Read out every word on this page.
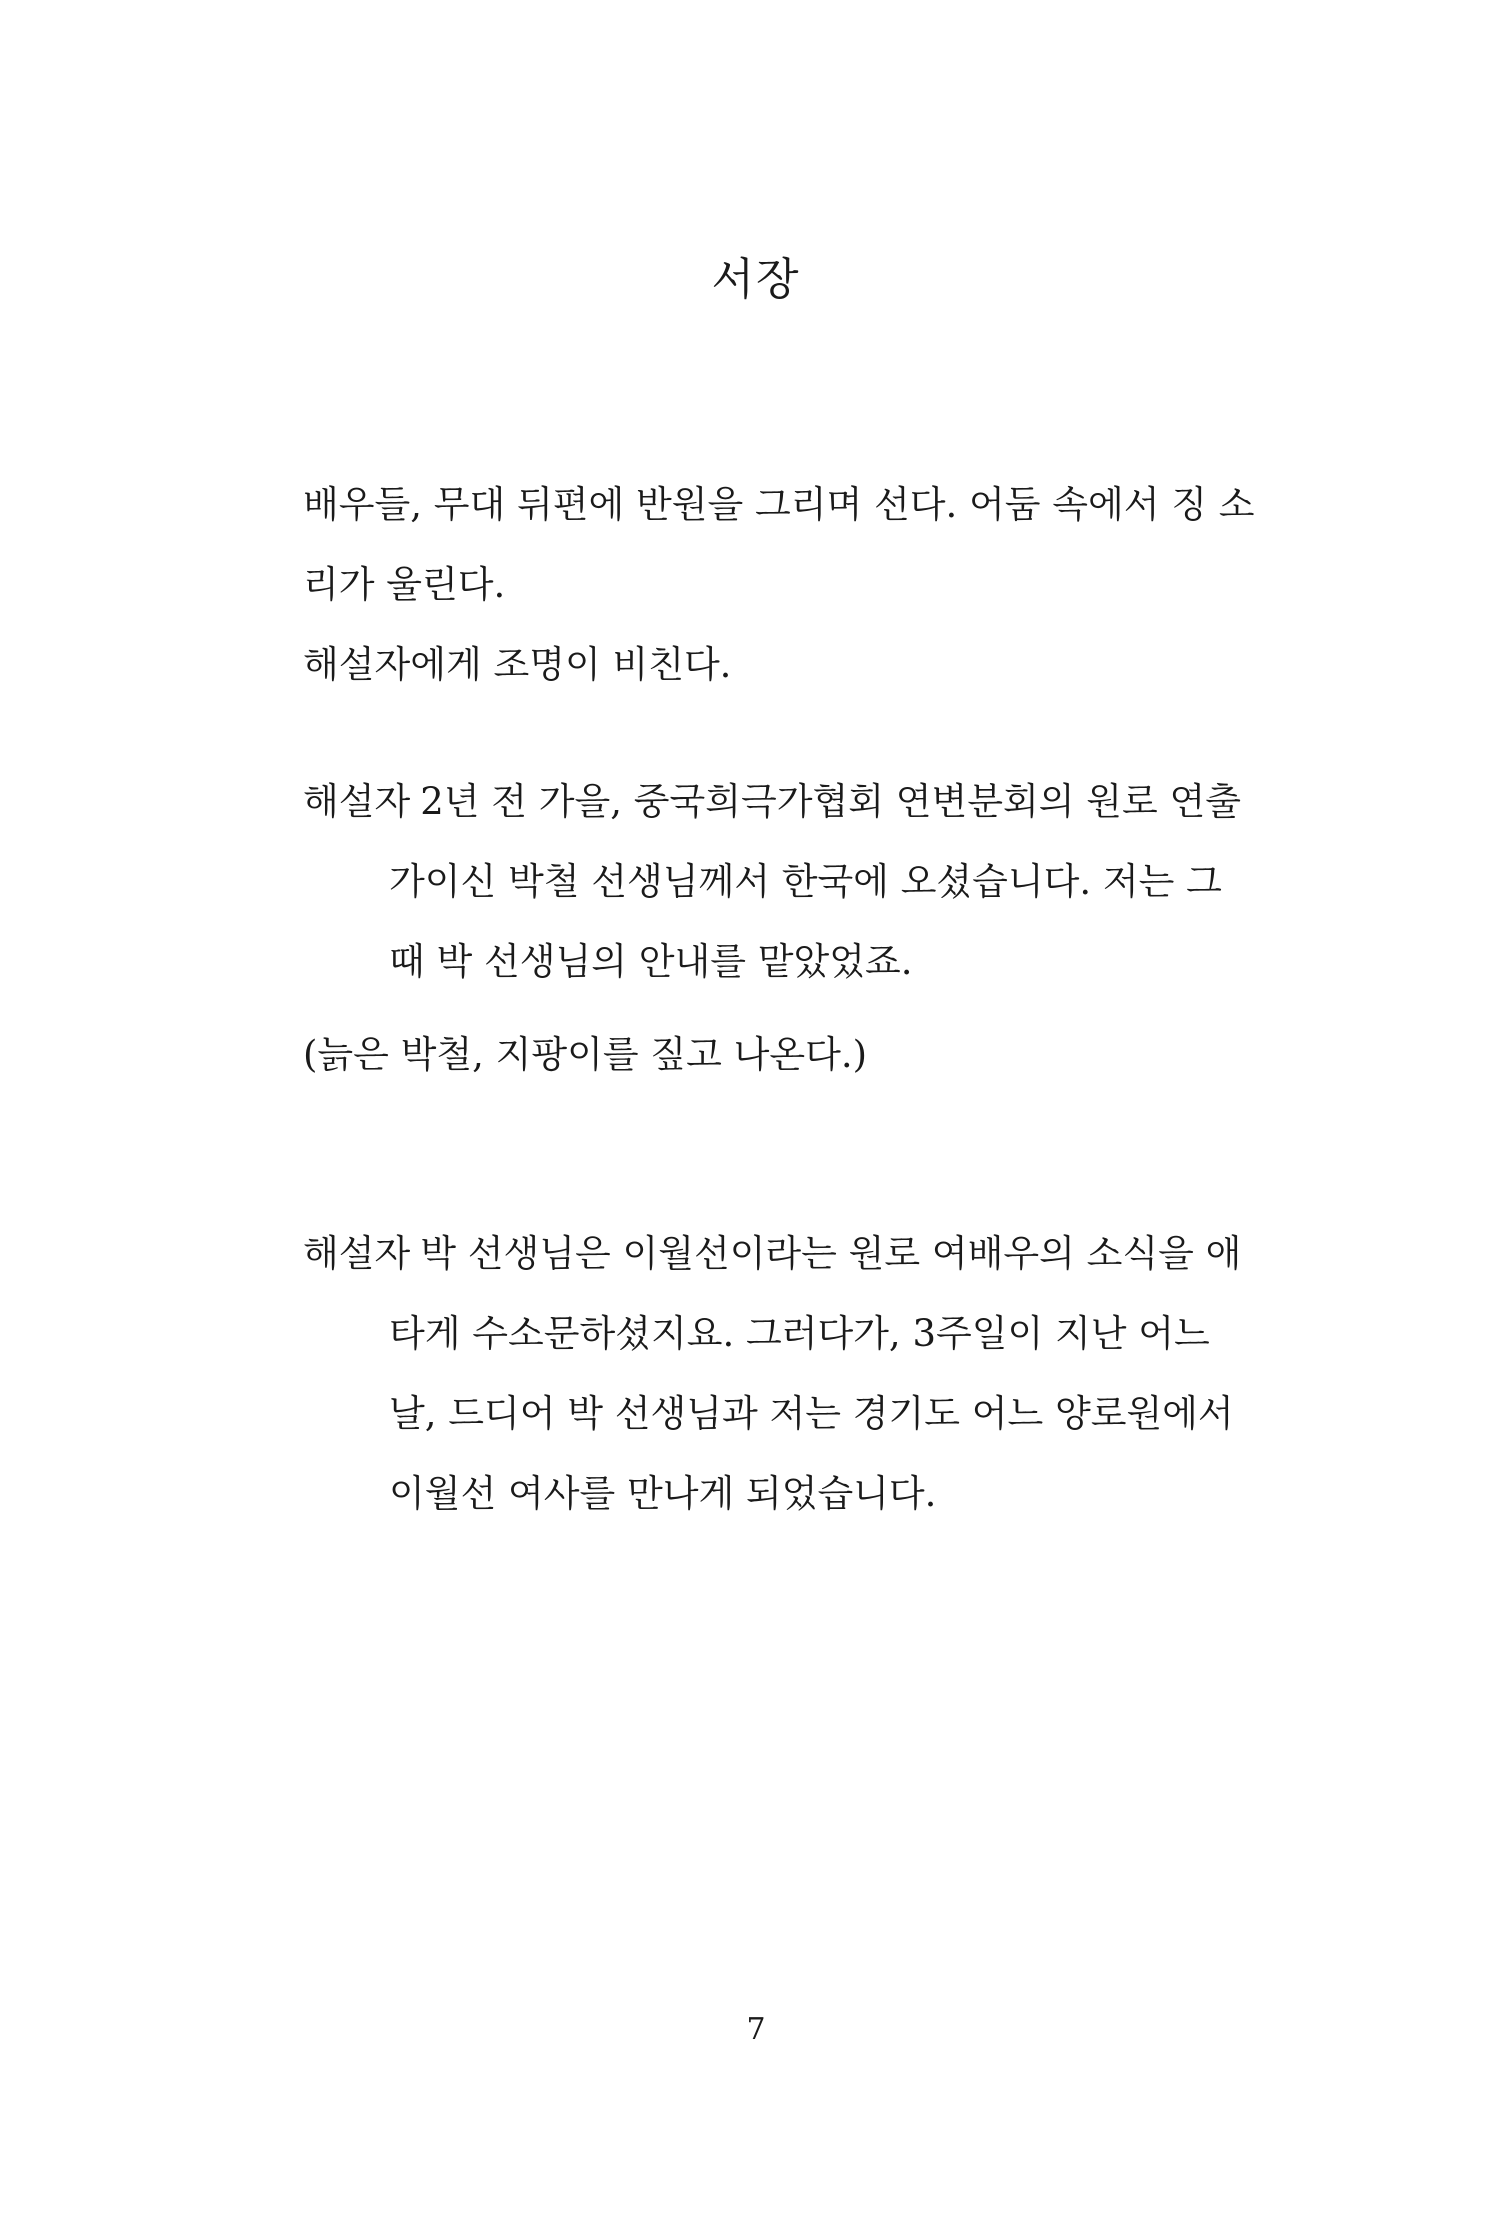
서장
배우들, 무대 뒤편에 반원을 그리며 선다. 어둠 속에서 징 소
리가 울린다.
해설자에게 조명이 비친다.
해설자 2년 전 가을, 중국희극가협회 연변분회의 원로 연출
가이신 박철 선생님께서 한국에 오셨습니다. 저는 그
때 박 선생님의 안내를 맡았었죠.

(늙은 박철, 지팡이를 짚고 나온다.)

해설자 박 선생님은 이월선이라는 원로 여배우의 소식을 애
타게 수소문하셨지요. 그러다가, 3주일이 지난 어느
날, 드디어 박 선생님과 저는 경기도 어느 양로원에서
이월선 여사를 만나게 되었습니다.

7
